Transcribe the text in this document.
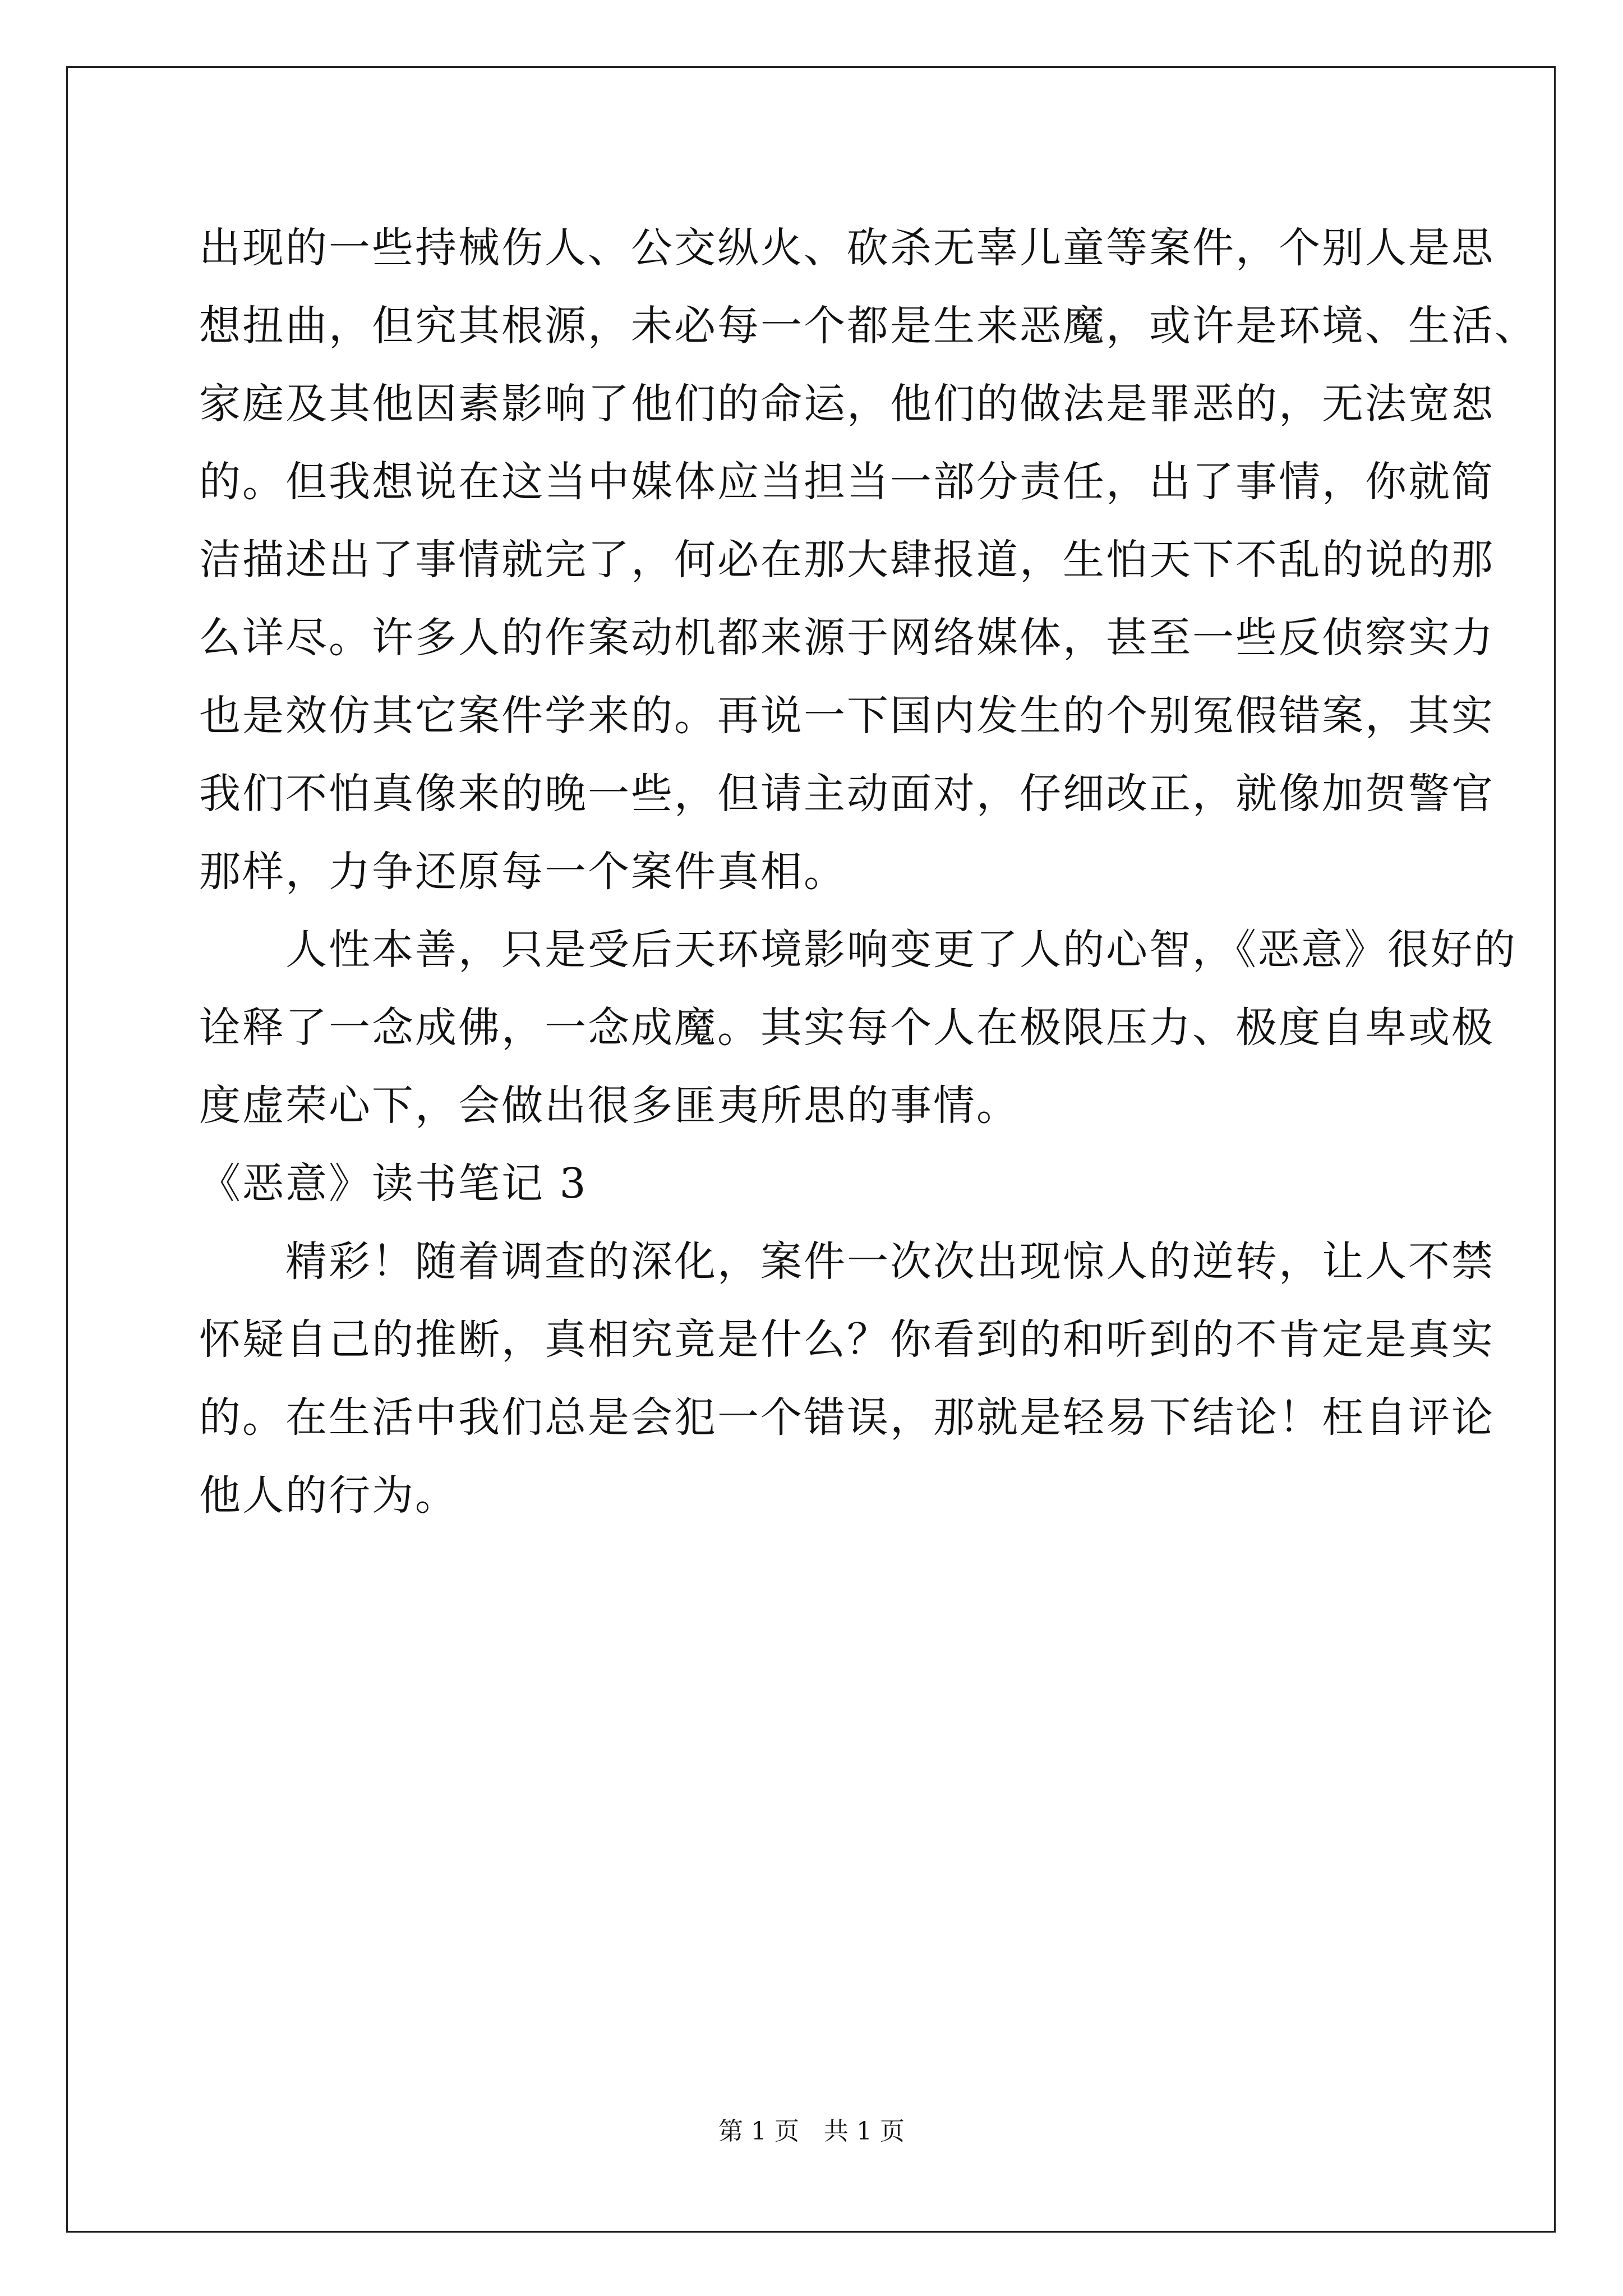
出现的一些持械伤人、公交纵火、砍杀无辜儿童等案件，个别人是思
想扭曲，但究其根源，未必每一个都是生来恶魔，或许是环境、生活、
家庭及其他因素影响了他们的命运，他们的做法是罪恶的，无法宽恕
的。但我想说在这当中媒体应当担当一部分责任，出了事情，你就简
洁描述出了事情就完了，何必在那大肆报道，生怕天下不乱的说的那
么详尽。许多人的作案动机都来源于网络媒体，甚至一些反侦察实力
也是效仿其它案件学来的。再说一下国内发生的个别冤假错案，其实
我们不怕真像来的晚一些，但请主动面对，仔细改正，就像加贺警官
那样，力争还原每一个案件真相。
　　人性本善，只是受后天环境影响变更了人的心智，《恶意》很好的
诠释了一念成佛，一念成魔。其实每个人在极限压力、极度自卑或极
度虚荣心下，会做出很多匪夷所思的事情。
《恶意》读书笔记 3
　　精彩！随着调查的深化，案件一次次出现惊人的逆转，让人不禁
怀疑自己的推断，真相究竟是什么？你看到的和听到的不肯定是真实
的。在生活中我们总是会犯一个错误，那就是轻易下结论！枉自评论
他人的行为。
第 1 页　共 1 页
